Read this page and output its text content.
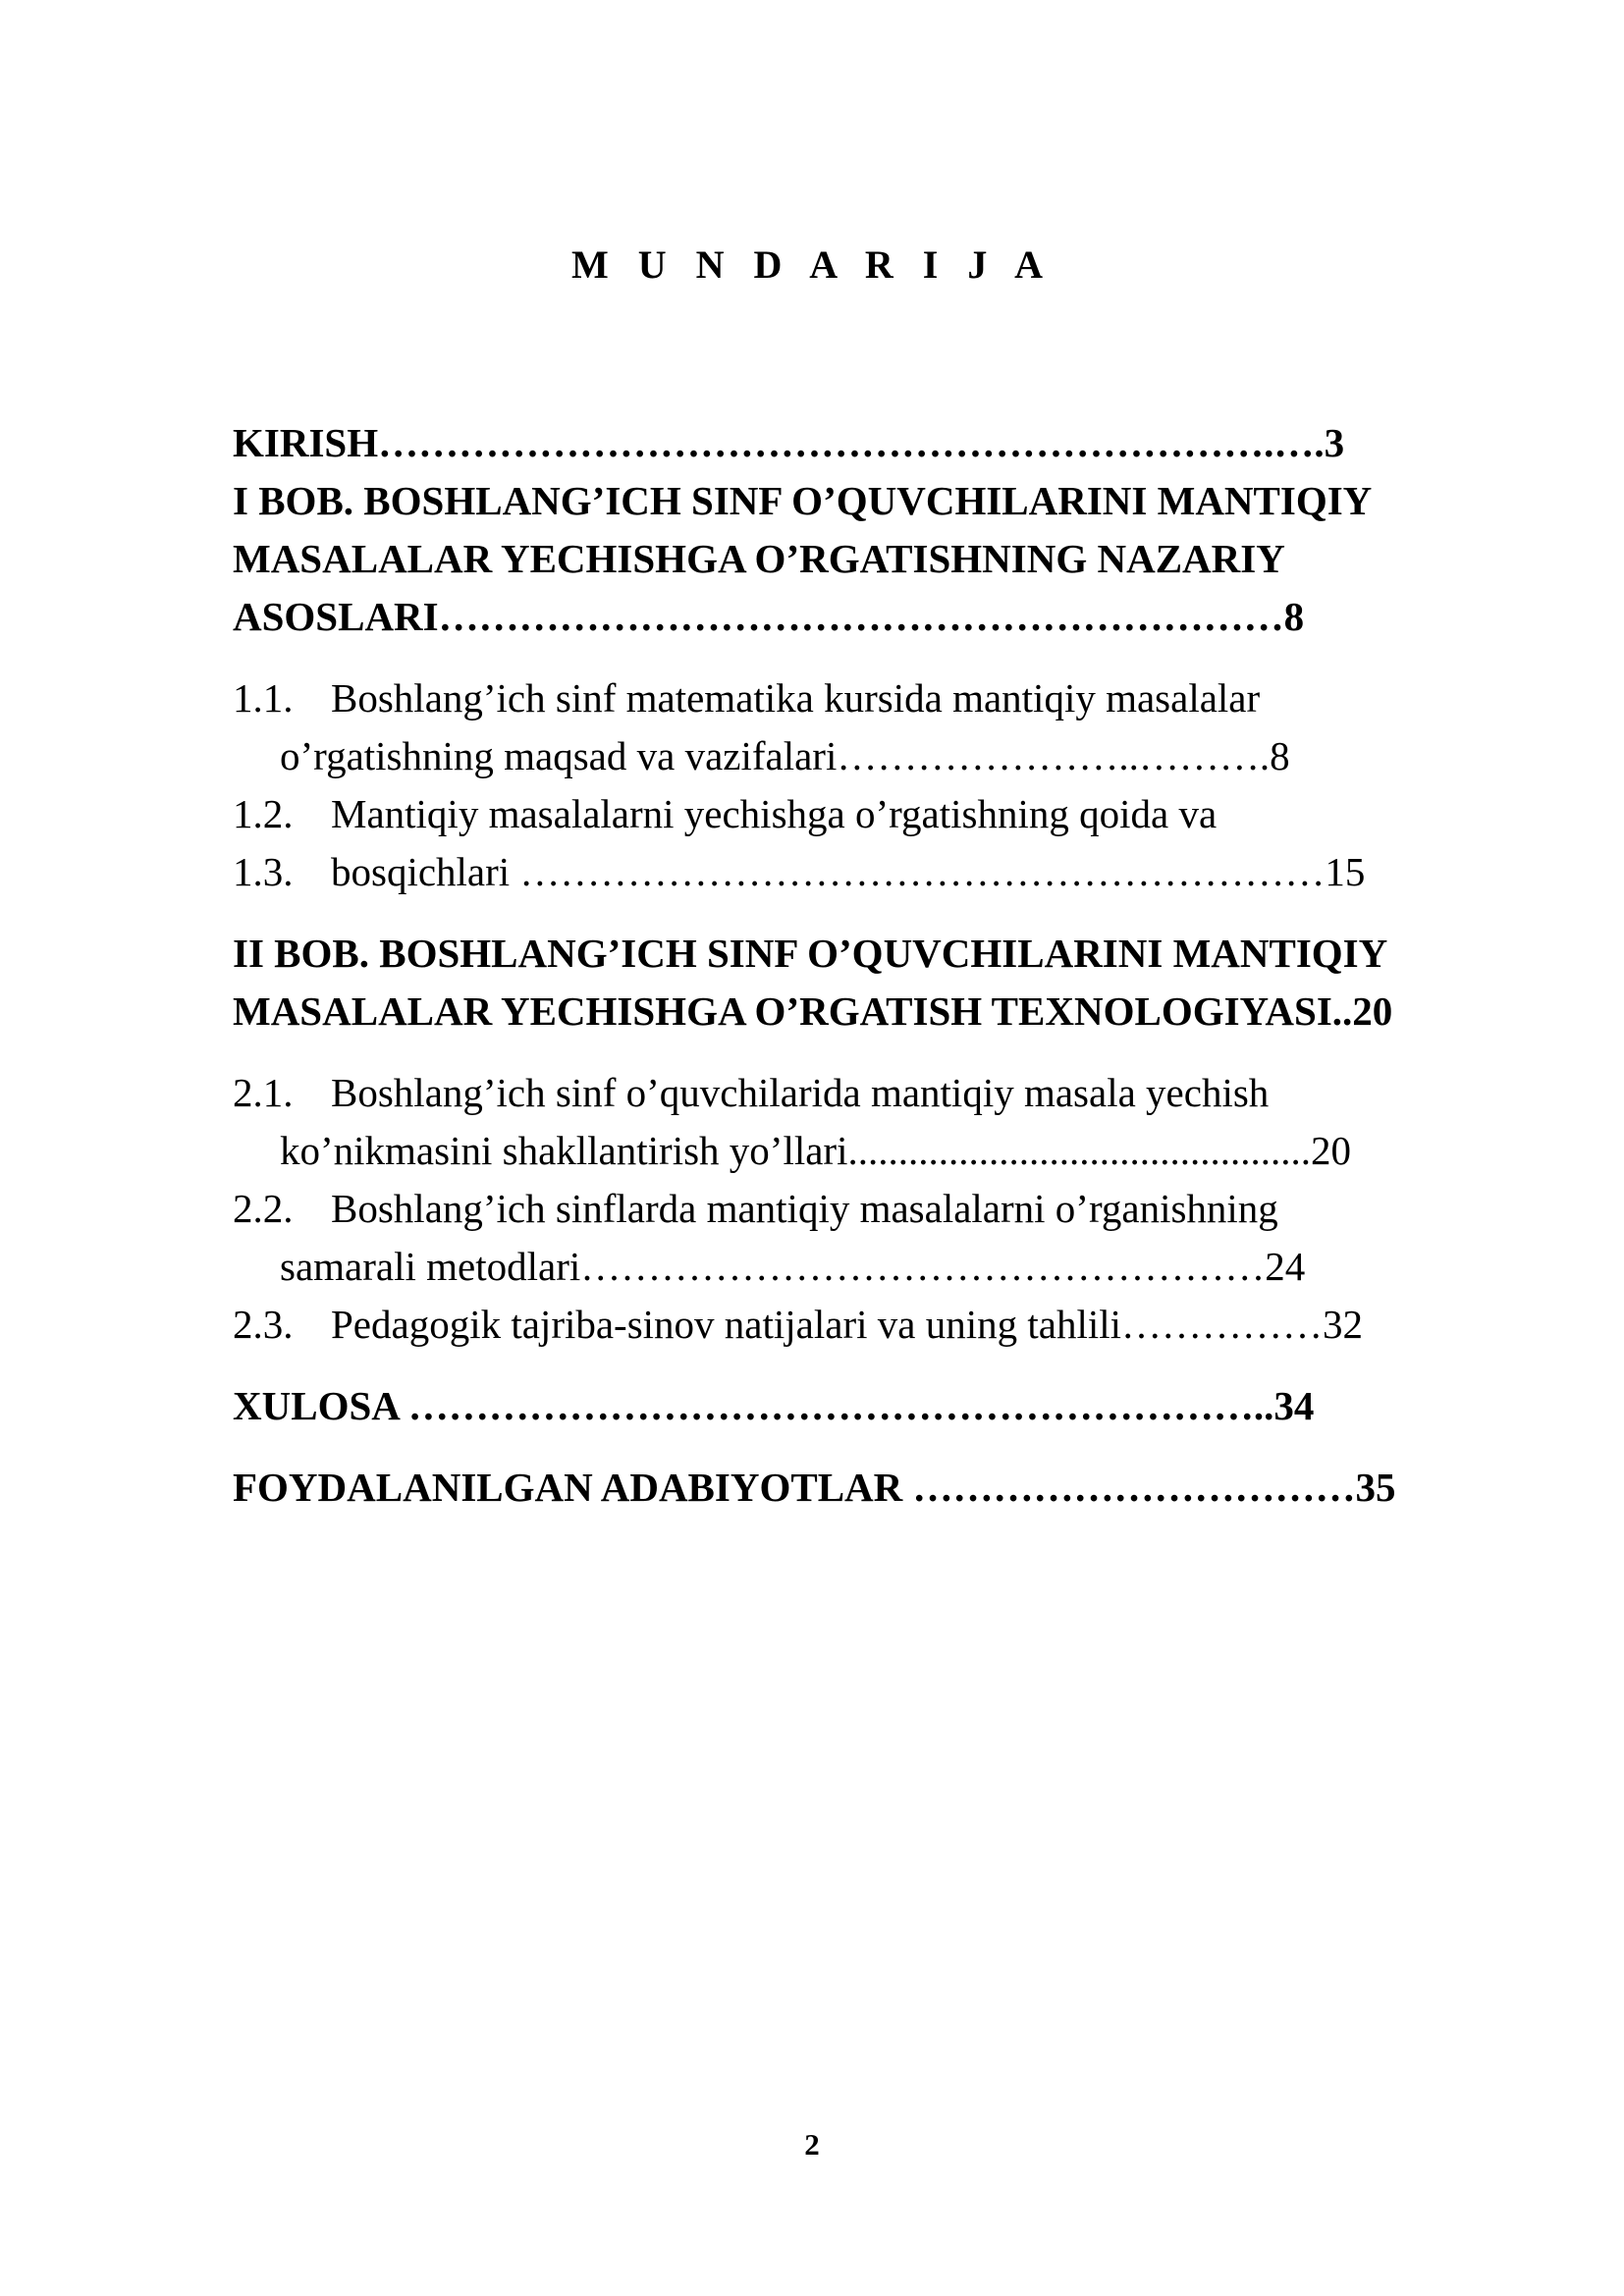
M U N D A R I J A
KIRISH………………………………………………………….….3
I BOB. BOSHLANG’ICH SINF O’QUVCHILARINI MANTIQIY
MASALALAR YECHISHGA O’RGATISHNING NAZARIY
ASOSLARI………………………………………………………8
1.1. Boshlang’ich sinf matematika kursida mantiqiy masalalar
o’rgatishning maqsad va vazifalari…………………..……….8
1.2. Mantiqiy masalalarni yechishga o’rgatishning qoida va
1.3. bosqichlari ……………………………………………………15
II BOB. BOSHLANG’ICH SINF O’QUVCHILARINI MANTIQIY
MASALALAR YECHISHGA O’RGATISH TEXNOLOGIYASI..20
2.1. Boshlang’ich sinf o’quvchilarida mantiqiy masala yechish
ko’nikmasini shakllantirish yo’llari..............................................20
2.2. Boshlang’ich sinflarda mantiqiy masalalarni o’rganishning
samarali metodlari……………………………………………24
2.3. Pedagogik tajriba-sinov natijalari va uning tahlili……………32
XULOSA ………………………………………………………..34
FOYDALANILGAN ADABIYOTLAR ……………………………35
2
